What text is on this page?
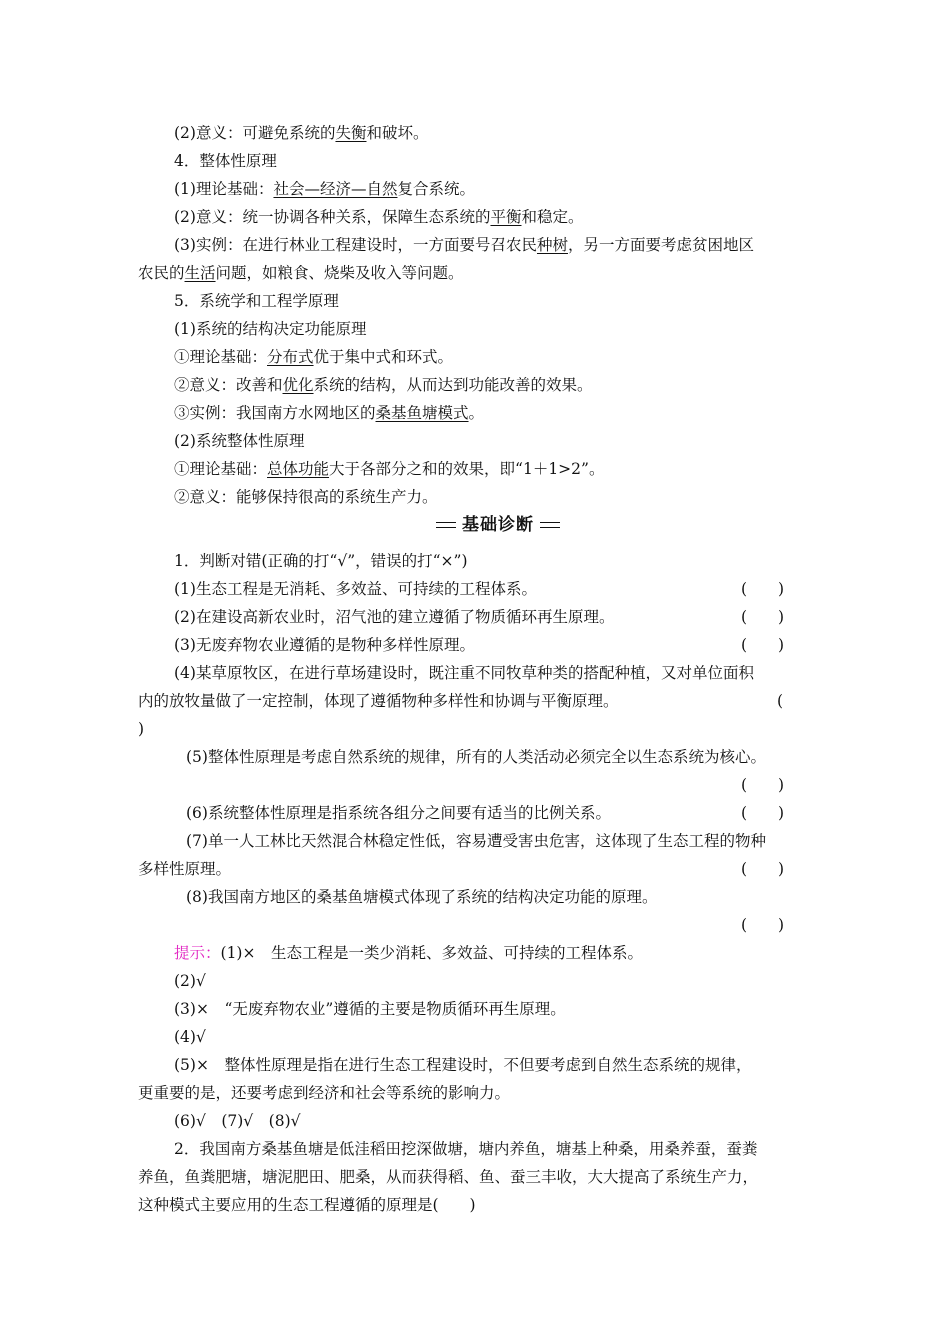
(2)意义：可避免系统的失衡和破坏。
4．整体性原理
(1)理论基础：社会—经济—自然复合系统。
(2)意义：统一协调各种关系，保障生态系统的平衡和稳定。
(3)实例：在进行林业工程建设时，一方面要号召农民种树，另一方面要考虑贫困地区
农民的生活问题，如粮食、烧柴及收入等问题。
5．系统学和工程学原理
(1)系统的结构决定功能原理
①理论基础：分布式优于集中式和环式。
②意义：改善和优化系统的结构，从而达到功能改善的效果。
③实例：我国南方水网地区的桑基鱼塘模式。
(2)系统整体性原理
①理论基础：总体功能大于各部分之和的效果，即“1＋1>2”。
②意义：能够保持很高的系统生产力。
基础诊断
1．判断对错(正确的打“√”，错误的打“×”)
(1)生态工程是无消耗、多效益、可持续的工程体系。	(　　)
(2)在建设高新农业时，沼气池的建立遵循了物质循环再生原理。	(　　)
(3)无废弃物农业遵循的是物种多样性原理。	(　　)
(4)某草原牧区，在进行草场建设时，既注重不同牧草种类的搭配种植，又对单位面积
内的放牧量做了一定控制，体现了遵循物种多样性和协调与平衡原理。	(
)
(5)整体性原理是考虑自然系统的规律，所有的人类活动必须完全以生态系统为核心。
(　　)
(6)系统整体性原理是指系统各组分之间要有适当的比例关系。	(　　)
(7)单一人工林比天然混合林稳定性低，容易遭受害虫危害，这体现了生态工程的物种
多样性原理。	(　　)
(8)我国南方地区的桑基鱼塘模式体现了系统的结构决定功能的原理。
(　　)
提示：(1)×　生态工程是一类少消耗、多效益、可持续的工程体系。
(2)√
(3)×　“无废弃物农业”遵循的主要是物质循环再生原理。
(4)√
(5)×　整体性原理是指在进行生态工程建设时，不但要考虑到自然生态系统的规律，
更重要的是，还要考虑到经济和社会等系统的影响力。
(6)√　(7)√　(8)√
2．我国南方桑基鱼塘是低洼稻田挖深做塘，塘内养鱼，塘基上种桑，用桑养蚕，蚕粪
养鱼，鱼粪肥塘，塘泥肥田、肥桑，从而获得稻、鱼、蚕三丰收，大大提高了系统生产力，
这种模式主要应用的生态工程遵循的原理是(　　)
